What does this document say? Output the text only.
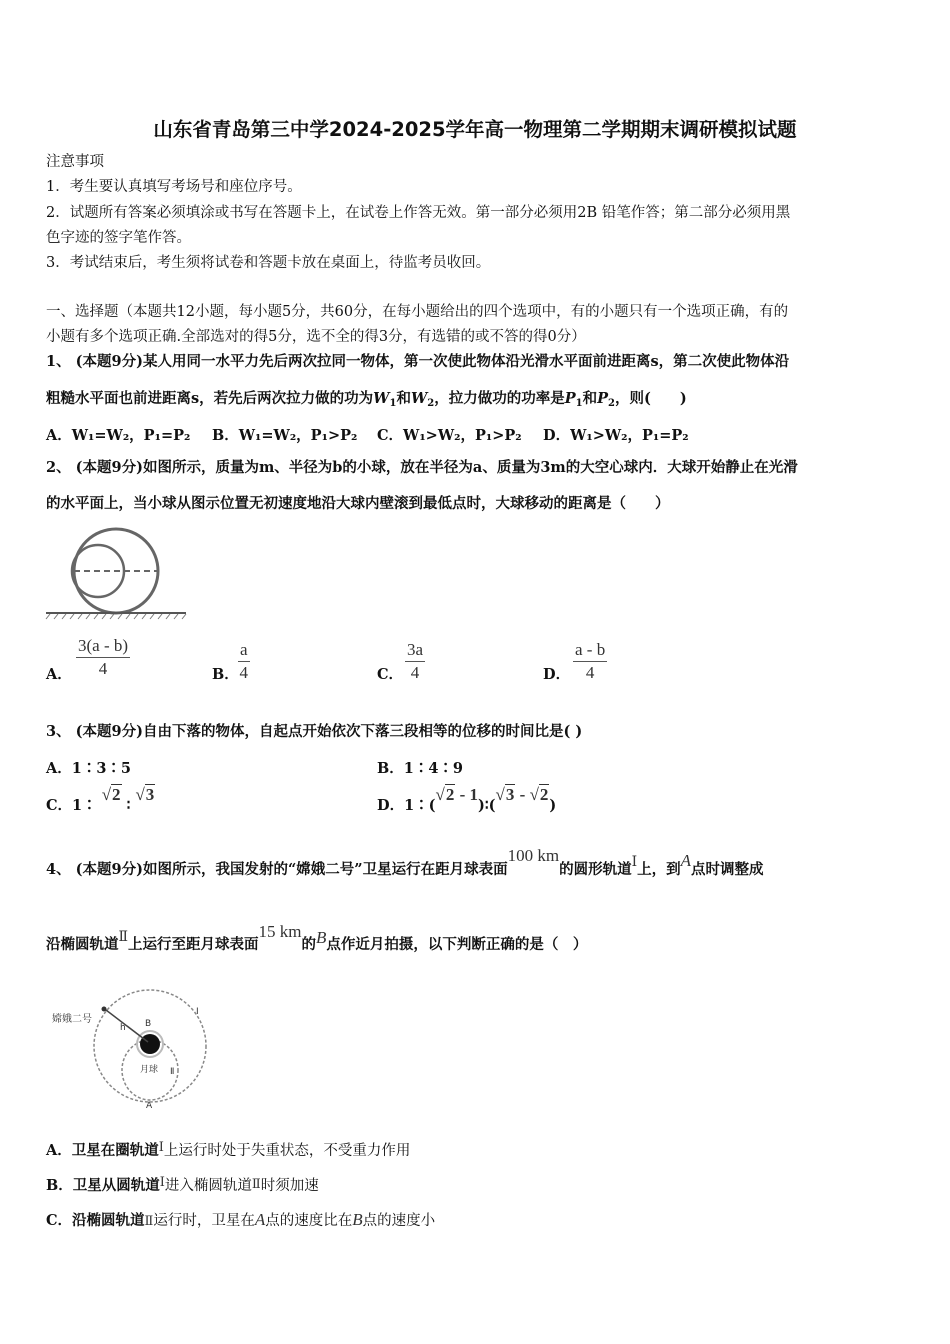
山东省青岛第三中学2024-2025学年高一物理第二学期期末调研模拟试题
注意事项
1．考生要认真填写考场号和座位序号。
2．试题所有答案必须填涂或书写在答题卡上，在试卷上作答无效。第一部分必须用2B 铅笔作答；第二部分必须用黑
色字迹的签字笔作答。
3．考试结束后，考生须将试卷和答题卡放在桌面上，待监考员收回。
一、选择题（本题共12小题，每小题5分，共60分，在每小题给出的四个选项中，有的小题只有一个选项正确，有的
小题有多个选项正确.全部选对的得5分，选不全的得3分，有选错的或不答的得0分）
1、 (本题9分)某人用同一水平力先后两次拉同一物体，第一次使此物体沿光滑水平面前进距离s，第二次使此物体沿
粗糙水平面也前进距离s，若先后两次拉力做的功为$W_1$和$W_2$，拉力做功的功率是$P_1$和$P_2$，则(　　)
A．W₁=W₂，P₁=P₂ B．W₁=W₂，P₁>P₂ C．W₁>W₂，P₁>P₂ D．W₁>W₂，P₁=P₂
2、 (本题9分)如图所示，质量为m、半径为b的小球，放在半径为a、质量为3m的大空心球内．大球开始静止在光滑
的水平面上，当小球从图示位置无初速度地沿大球内壁滚到最低点时，大球移动的距离是（　　）
A．
3(a - b)
4	B．
a
4	C．
3a
4	D．
a - b
4
3、 (本题9分)自由下落的物体，自起点开始依次下落三段相等的位移的时间比是( )
A．1∶3∶5	B．1∶4∶9
C．1∶ √2 ∶ √3
D．1∶(√2 - 1)∶(√3 - √2)
4、 (本题9分)如图所示，我国发射的“嫦娥二号”卫星运行在距月球表面100 km的圆形轨道Ⅰ上，到A点时调整成
沿椭圆轨道Ⅱ上运行至距月球表面15 km的B点作近月拍摄，以下判断正确的是（　）
嫦娥二号
h B
月球
Ⅰ
Ⅱ
A
A．卫星在圈轨道Ⅰ上运行时处于失重状态，不受重力作用
B．卫星从圆轨道Ⅰ进入椭圆轨道Ⅱ时须加速
C．沿椭圆轨道Ⅱ运行时，卫星在A点的速度比在B点的速度小
